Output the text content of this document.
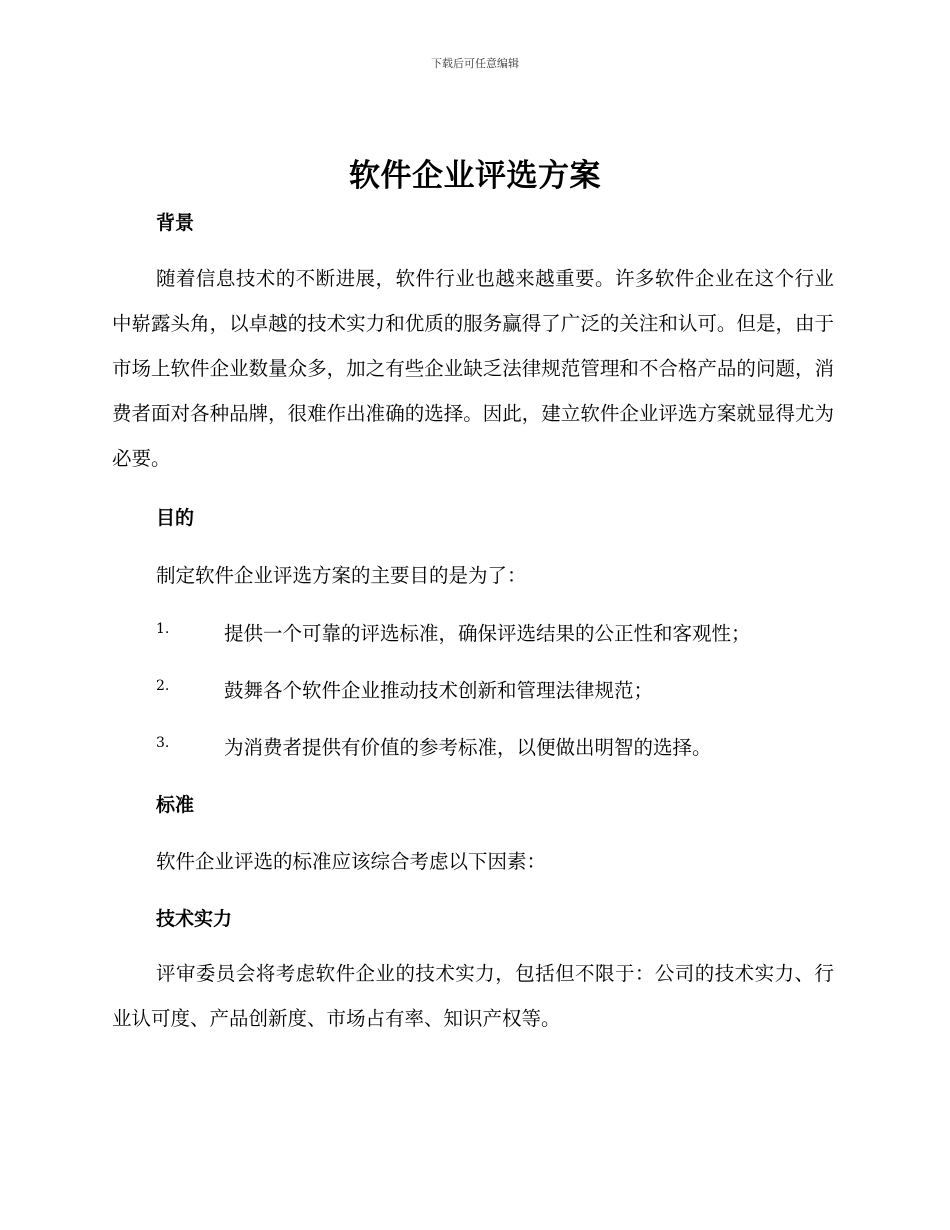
下载后可任意编辑
软件企业评选方案
背景
随着信息技术的不断进展，软件行业也越来越重要。许多软件企业在这个行业中崭露头角，以卓越的技术实力和优质的服务赢得了广泛的关注和认可。但是，由于市场上软件企业数量众多，加之有些企业缺乏法律规范管理和不合格产品的问题，消费者面对各种品牌，很难作出准确的选择。因此，建立软件企业评选方案就显得尤为必要。
目的
制定软件企业评选方案的主要目的是为了：
1.	提供一个可靠的评选标准，确保评选结果的公正性和客观性；
2.	鼓舞各个软件企业推动技术创新和管理法律规范；
3.	为消费者提供有价值的参考标准，以便做出明智的选择。
标准
软件企业评选的标准应该综合考虑以下因素：
技术实力
评审委员会将考虑软件企业的技术实力，包括但不限于：公司的技术实力、行业认可度、产品创新度、市场占有率、知识产权等。
